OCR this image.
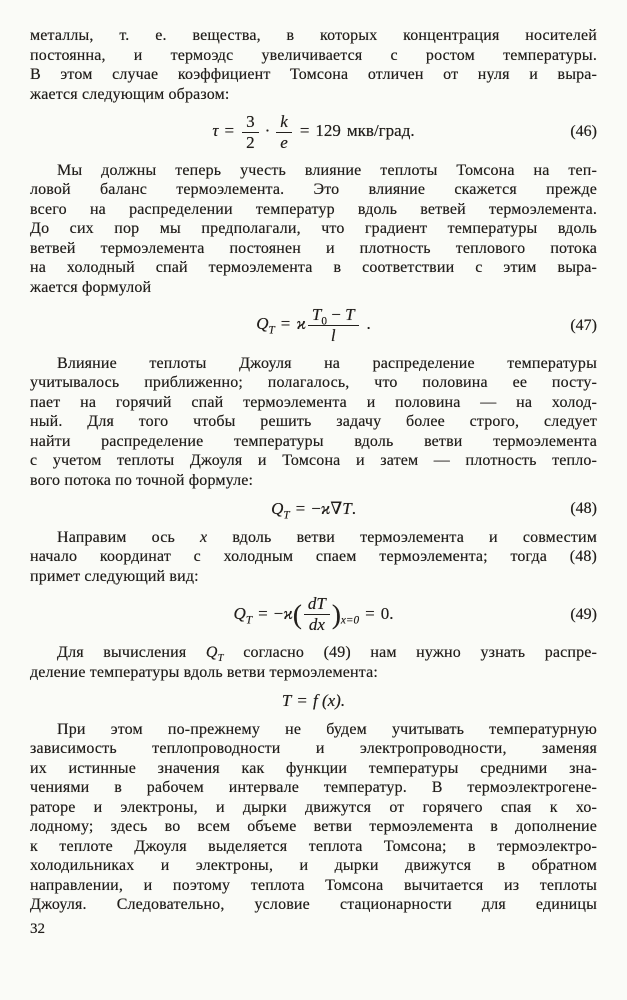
металлы, т. е. вещества, в которых концентрация носителей
постоянна, и термоэдс увеличивается с ростом температуры.
В этом случае коэффициент Томсона отличен от нуля и выра-
жается следующим образом:
$\tau = \frac{3}{2} \cdot \frac{k}{e} = 129$ мкв/град.	(46)
Мы должны теперь учесть влияние теплоты Томсона на теп-
ловой баланс термоэлемента. Это влияние скажется прежде
всего на распределении температур вдоль ветвей термоэлемента.
До сих пор мы предполагали, что градиент температуры вдоль
ветвей термоэлемента постоянен и плотность теплового потока
на холодный спай термоэлемента в соответствии с этим выра-
жается формулой
$Q_T = ϰ \frac{T_0 - T}{l}$ .	(47)
Влияние теплоты Джоуля на распределение температуры
учитывалось приближенно; полагалось, что половина ее посту-
пает на горячий спай термоэлемента и половина — на холод-
ный. Для того чтобы решить задачу более строго, следует
найти распределение температуры вдоль ветви термоэлемента
с учетом теплоты Джоуля и Томсона и затем — плотность тепло-
вого потока по точной формуле:
$Q_T = -ϰ\nabla T$.	(48)
Направим ось x вдоль ветви термоэлемента и совместим
начало координат с холодным спаем термоэлемента; тогда (48)
примет следующий вид:
$Q_T = -ϰ( \frac{dT}{dx} )_{x=0} = 0$.	(49)
Для вычисления $Q_T$ согласно (49) нам нужно узнать распре-
деление температуры вдоль ветви термоэлемента:
T = f (x).
При этом по-прежнему не будем учитывать температурную
зависимость теплопроводности и электропроводности, заменяя
их истинные значения как функции температуры средними зна-
чениями в рабочем интервале температур. В термоэлектрогене-
раторе и электроны, и дырки движутся от горячего спая к хо-
лодному; здесь во всем объеме ветви термоэлемента в дополнение
к теплоте Джоуля выделяется теплота Томсона; в термоэлектро-
холодильниках и электроны, и дырки движутся в обратном
направлении, и поэтому теплота Томсона вычитается из теплоты
Джоуля. Следовательно, условие стационарности для единицы
32
